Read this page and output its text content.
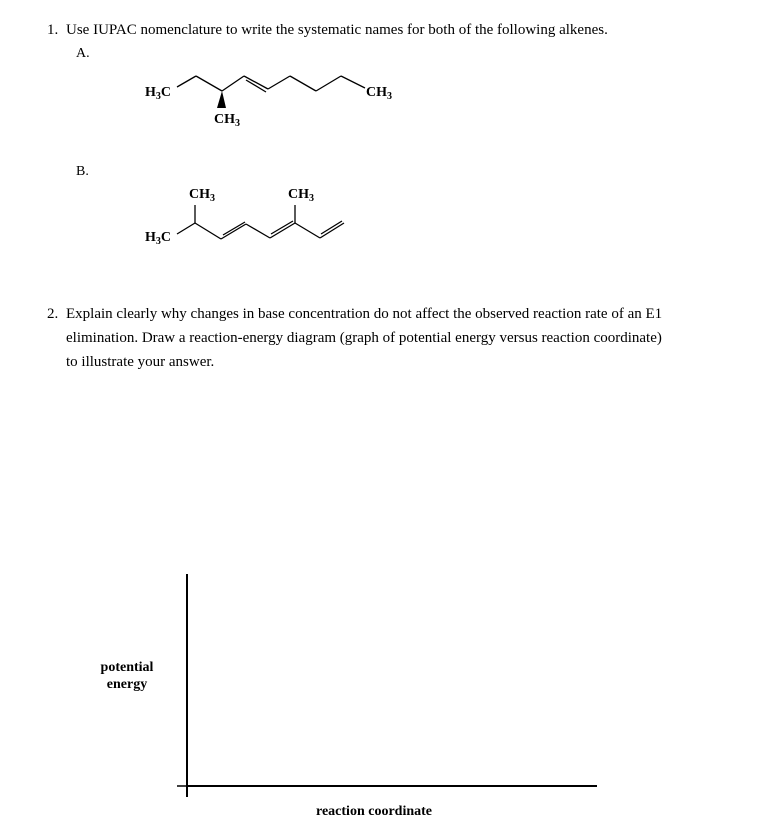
1. Use IUPAC nomenclature to write the systematic names for both of the following alkenes.
A.
$H_3C$
$CH_3$
$CH_3$
B.
$CH_3$	$CH_3$
$H_3C$
2. Explain clearly why changes in base concentration do not affect the observed reaction rate of an E1
elimination. Draw a reaction-energy diagram (graph of potential energy versus reaction coordinate)
to illustrate your answer.
potential
energy
reaction coordinate
